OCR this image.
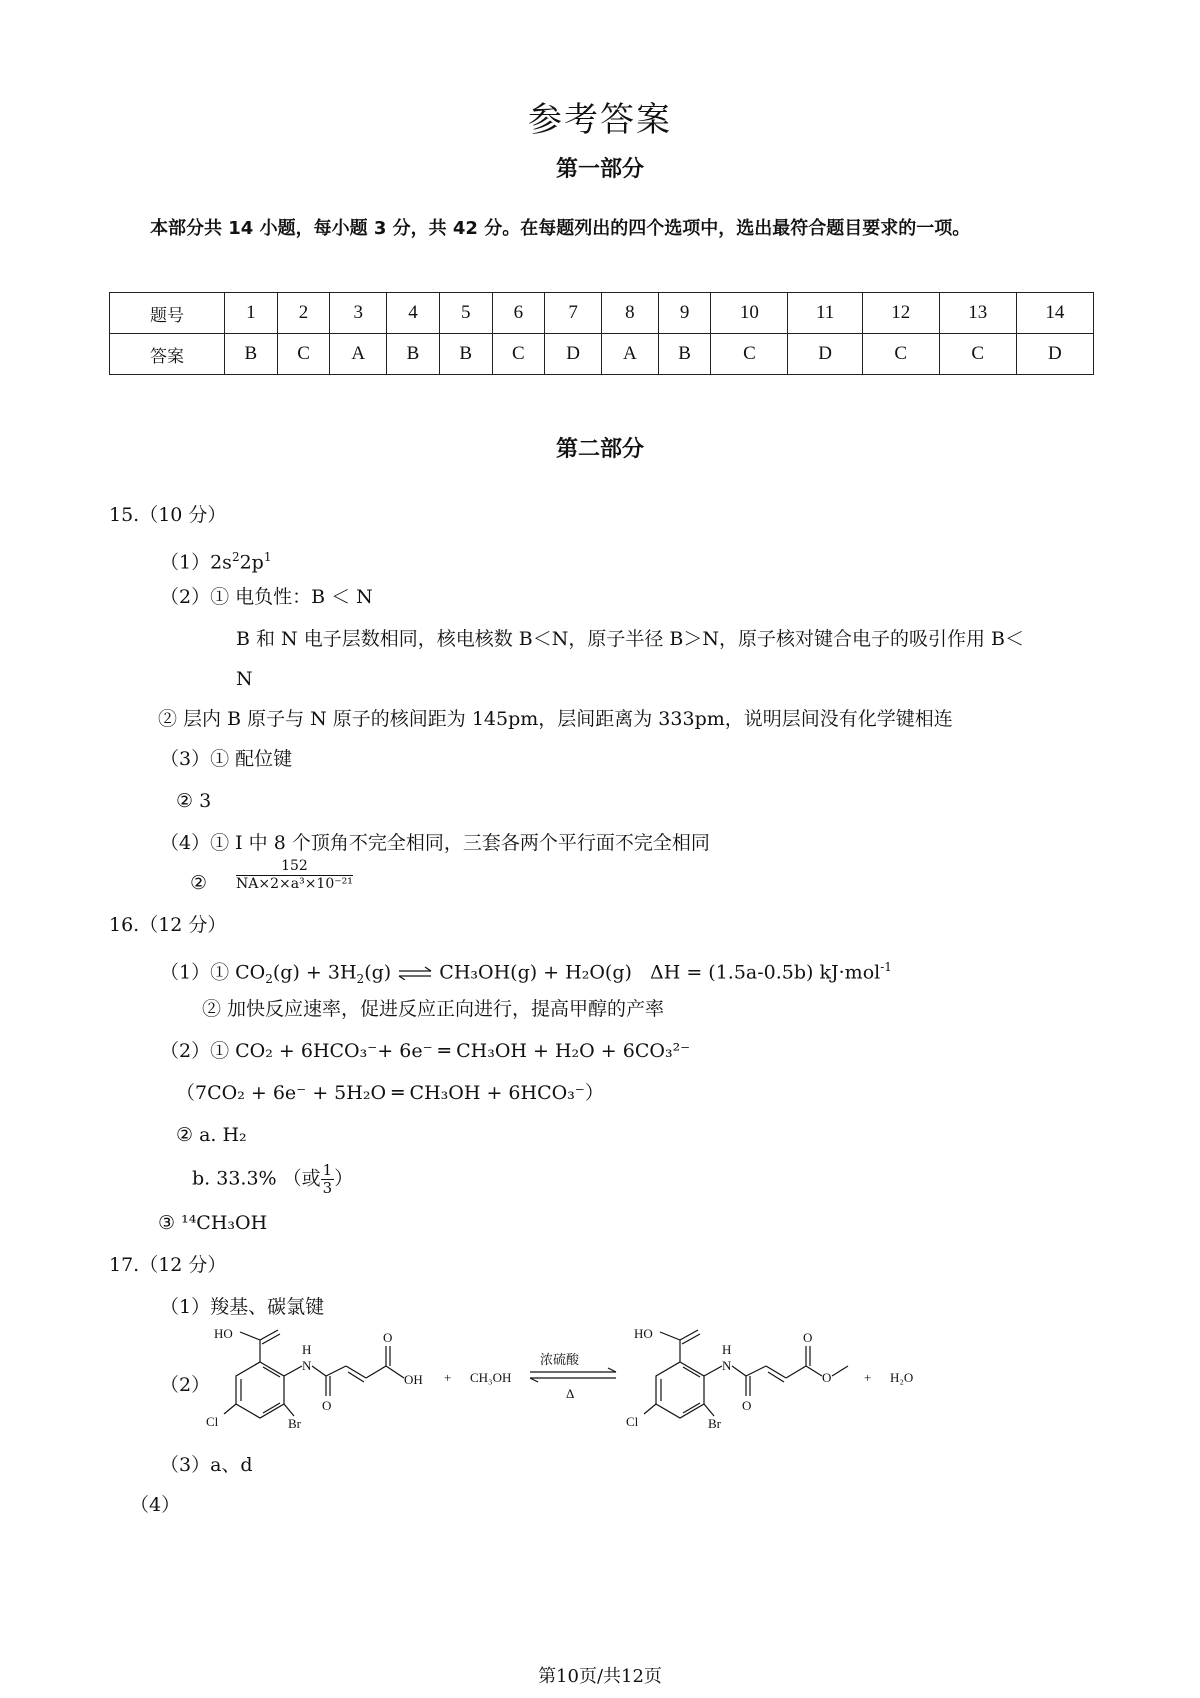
参考答案
第一部分
本部分共 14 小题，每小题 3 分，共 42 分。在每题列出的四个选项中，选出最符合题目要求的一项。
题号	1	2	3	4	5	6	7	8	9	10	11	12	13	14
答案	B	C	A	B	B	C	D	A	B	C	D	C	C	D
第二部分
15.（10 分）
$(1)2s^22p^1$
（2）① 电负性：B ＜ N
B 和 N 电子层数相同，核电核数 B＜N，原子半径 B＞N，原子核对键合电子的吸引作用 B＜
N
② 层内 B 原子与 N 原子的核间距为 145pm，层间距离为 333pm，说明层间没有化学键相连
（3）① 配位键
② 3
（4）① I 中 8 个顶角不完全相同，三套各两个平行面不完全相同
② $\frac{152}{\text{NA×2×a³×10⁻²¹}}$
16.（12 分）
（1）① $CO_2(g) + 3H_2(g)$ ⇌ CH₃OH(g) + H₂O(g) ΔH = (1.5a-0.5b) kJ·mol$^{-1}$
② 加快反应速率，促进反应正向进行，提高甲醇的产率
（2）① CO₂ + 6HCO₃⁻+ 6e⁻ ═ CH₃OH + H₂O + 6CO₃²⁻
（7CO₂ + 6e⁻ + 5H₂O ═ CH₃OH + 6HCO₃⁻）
② a. H₂
b. 33.3% （或 $\frac{1}{3}$ ）
③ ¹⁴CH₃OH
17.（12 分）
（1）羧基、碳氯键
（2）
HO
H
N
Cl	Br
O
O
OH + CH₃OH
浓硫酸
Δ
HO
H
N
Cl	Br
O
O
O	+ H₂O
（3）a、d
（4）
第10页/共12页
